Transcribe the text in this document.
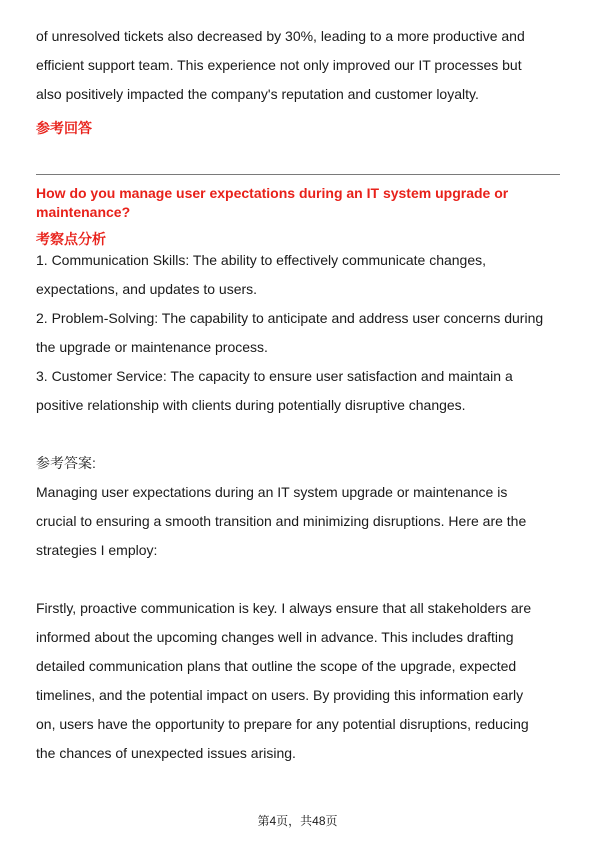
of unresolved tickets also decreased by 30%, leading to a more productive and

efficient support team. This experience not only improved our IT processes but

also positively impacted the company's reputation and customer loyalty.

参考回答

How do you manage user expectations during an IT system upgrade or

maintenance?

考察点分析

1. Communication Skills: The ability to effectively communicate changes,

expectations, and updates to users.

2. Problem-Solving: The capability to anticipate and address user concerns during

the upgrade or maintenance process.

3. Customer Service: The capacity to ensure user satisfaction and maintain a

positive relationship with clients during potentially disruptive changes.

参考答案:

Managing user expectations during an IT system upgrade or maintenance is

crucial to ensuring a smooth transition and minimizing disruptions. Here are the

strategies I employ:

Firstly, proactive communication is key. I always ensure that all stakeholders are

informed about the upcoming changes well in advance. This includes drafting

detailed communication plans that outline the scope of the upgrade, expected

timelines, and the potential impact on users. By providing this information early

on, users have the opportunity to prepare for any potential disruptions, reducing

the chances of unexpected issues arising.

第4页，共48页
